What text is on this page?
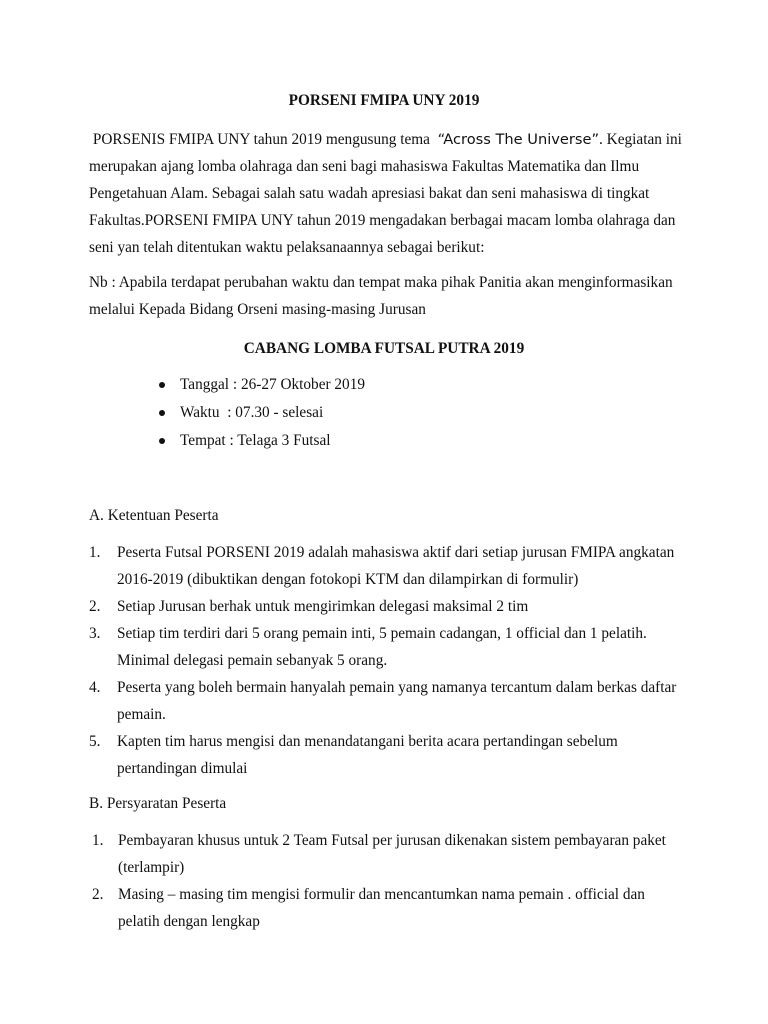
PORSENI FMIPA UNY 2019

PORSENIS FMIPA UNY tahun 2019 mengusung tema “Across The Universe”. Kegiatan ini
merupakan ajang lomba olahraga dan seni bagi mahasiswa Fakultas Matematika dan Ilmu
Pengetahuan Alam. Sebagai salah satu wadah apresiasi bakat dan seni mahasiswa di tingkat
Fakultas.PORSENI FMIPA UNY tahun 2019 mengadakan berbagai macam lomba olahraga dan
seni yan telah ditentukan waktu pelaksanaannya sebagai berikut:

Nb : Apabila terdapat perubahan waktu dan tempat maka pihak Panitia akan menginformasikan
melalui Kepada Bidang Orseni masing-masing Jurusan

CABANG LOMBA FUTSAL PUTRA 2019
Tanggal : 26-27 Oktober 2019
Waktu  : 07.30 - selesai
Tempat : Telaga 3 Futsal

A. Ketentuan Peserta

1. Peserta Futsal PORSENI 2019 adalah mahasiswa aktif dari setiap jurusan FMIPA angkatan
2016-2019 (dibuktikan dengan fotokopi KTM dan dilampirkan di formulir)
2. Setiap Jurusan berhak untuk mengirimkan delegasi maksimal 2 tim
3. Setiap tim terdiri dari 5 orang pemain inti, 5 pemain cadangan, 1 official dan 1 pelatih.
Minimal delegasi pemain sebanyak 5 orang.
4. Peserta yang boleh bermain hanyalah pemain yang namanya tercantum dalam berkas daftar
pemain.
5. Kapten tim harus mengisi dan menandatangani berita acara pertandingan sebelum
pertandingan dimulai

B. Persyaratan Peserta

1. Pembayaran khusus untuk 2 Team Futsal per jurusan dikenakan sistem pembayaran paket
(terlampir)
2. Masing – masing tim mengisi formulir dan mencantumkan nama pemain . official dan
pelatih dengan lengkap
